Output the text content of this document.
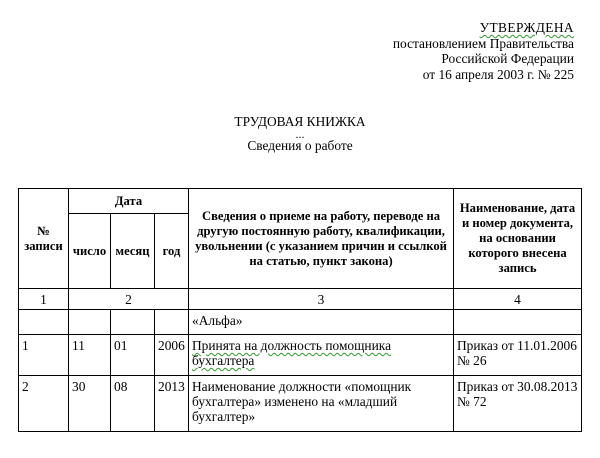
УТВЕРЖДЕНА
постановлением Правительства
Российской Федерации
от 16 апреля 2003 г. № 225
ТРУДОВАЯ КНИЖКА
...
Сведения о работе
№ записи	Дата			Сведения о приеме на работу, переводе на другую постоянную работу, квалификации, увольнении (с указанием причин и ссылкой на статью, пункт закона)	Наименование, дата и номер документа, на основании которого внесена запись
	число	месяц	год		
1	2			3	4
				«Альфа»	
1	11	01	2006	Принята на должность помощника бухгалтера	Приказ от 11.01.2006 № 26
2	30	08	2013	Наименование должности «помощник бухгалтера» изменено на «младший бухгалтер»	Приказ от 30.08.2013 № 72
